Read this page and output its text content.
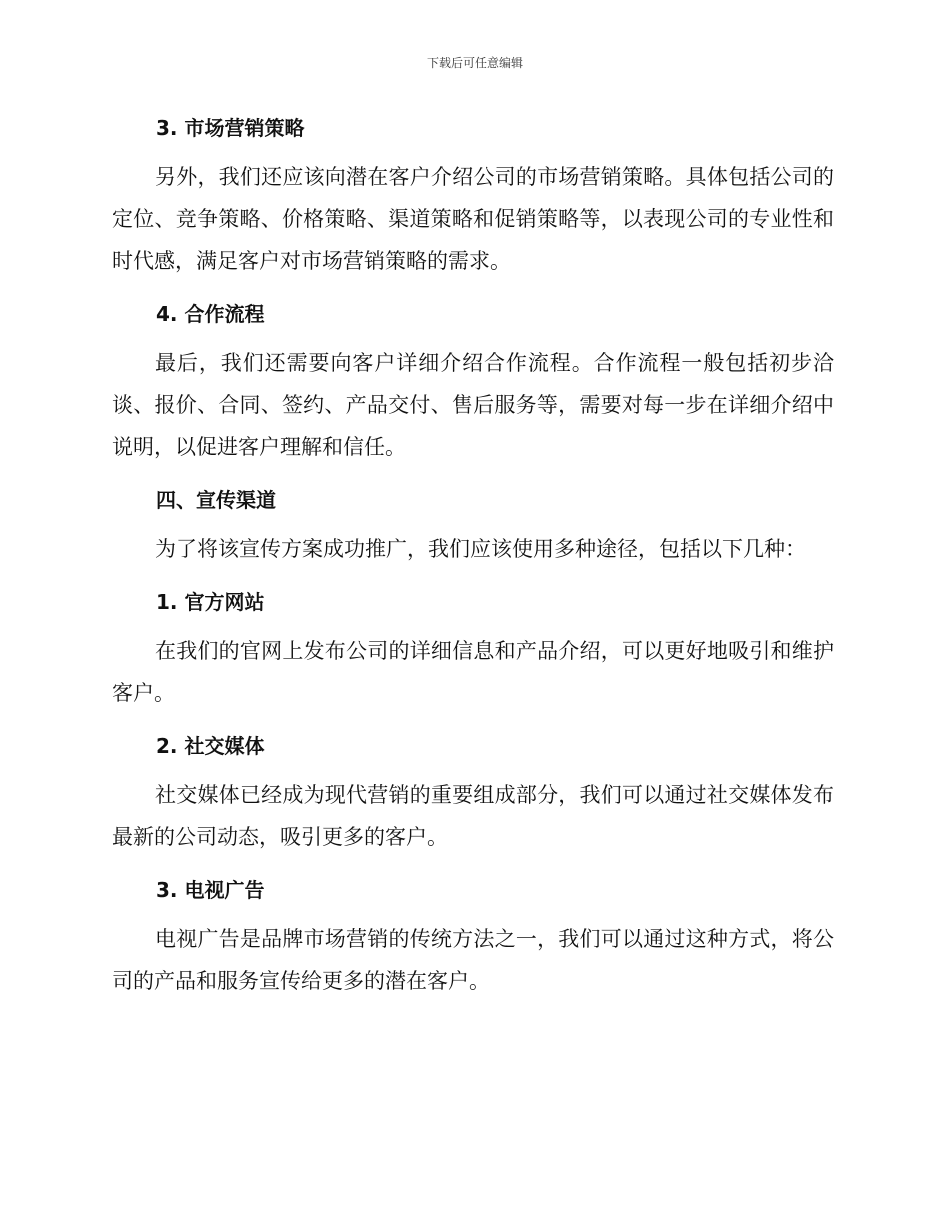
下载后可任意编辑
3. 市场营销策略

另外，我们还应该向潜在客户介绍公司的市场营销策略。具体包括公司的定位、竞争策略、价格策略、渠道策略和促销策略等，以表现公司的专业性和时代感，满足客户对市场营销策略的需求。

4. 合作流程

最后，我们还需要向客户详细介绍合作流程。合作流程一般包括初步洽谈、报价、合同、签约、产品交付、售后服务等，需要对每一步在详细介绍中说明，以促进客户理解和信任。

四、宣传渠道

为了将该宣传方案成功推广，我们应该使用多种途径，包括以下几种：

1. 官方网站

在我们的官网上发布公司的详细信息和产品介绍，可以更好地吸引和维护客户。

2. 社交媒体

社交媒体已经成为现代营销的重要组成部分，我们可以通过社交媒体发布最新的公司动态，吸引更多的客户。

3. 电视广告

电视广告是品牌市场营销的传统方法之一，我们可以通过这种方式，将公司的产品和服务宣传给更多的潜在客户。
